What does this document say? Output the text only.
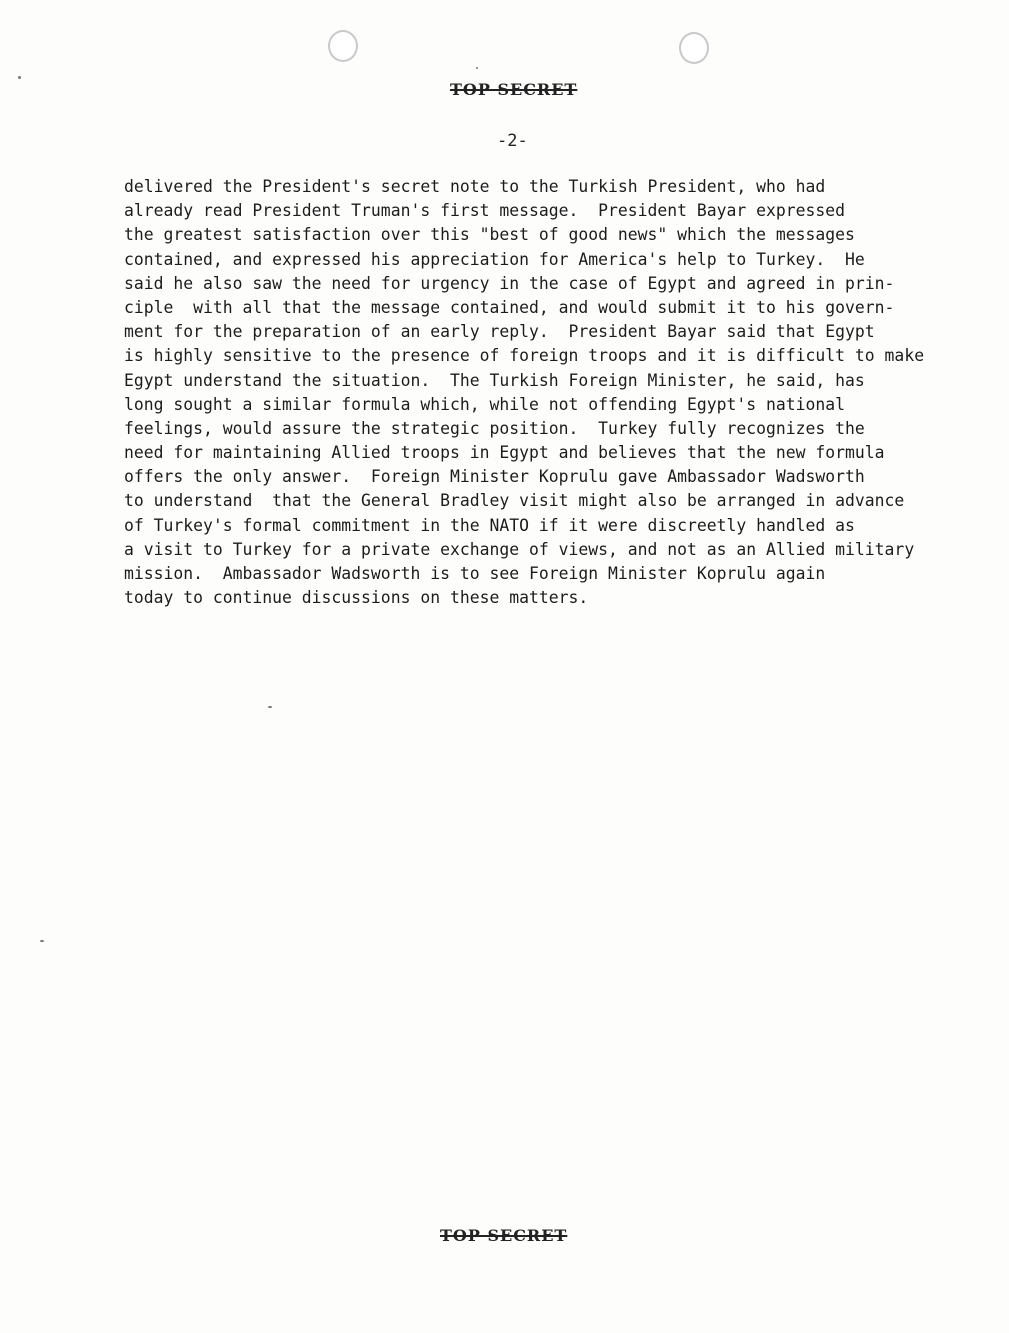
TOP SECRET
-2-
delivered the President's secret note to the Turkish President, who had
already read President Truman's first message.  President Bayar expressed
the greatest satisfaction over this "best of good news" which the messages
contained, and expressed his appreciation for America's help to Turkey.  He
said he also saw the need for urgency in the case of Egypt and agreed in prin-
ciple  with all that the message contained, and would submit it to his govern-
ment for the preparation of an early reply.  President Bayar said that Egypt
is highly sensitive to the presence of foreign troops and it is difficult to make
Egypt understand the situation.  The Turkish Foreign Minister, he said, has
long sought a similar formula which, while not offending Egypt's national
feelings, would assure the strategic position.  Turkey fully recognizes the
need for maintaining Allied troops in Egypt and believes that the new formula
offers the only answer.  Foreign Minister Koprulu gave Ambassador Wadsworth
to understand  that the General Bradley visit might also be arranged in advance
of Turkey's formal commitment in the NATO if it were discreetly handled as
a visit to Turkey for a private exchange of views, and not as an Allied military
mission.  Ambassador Wadsworth is to see Foreign Minister Koprulu again
today to continue discussions on these matters.
TOP SECRET
